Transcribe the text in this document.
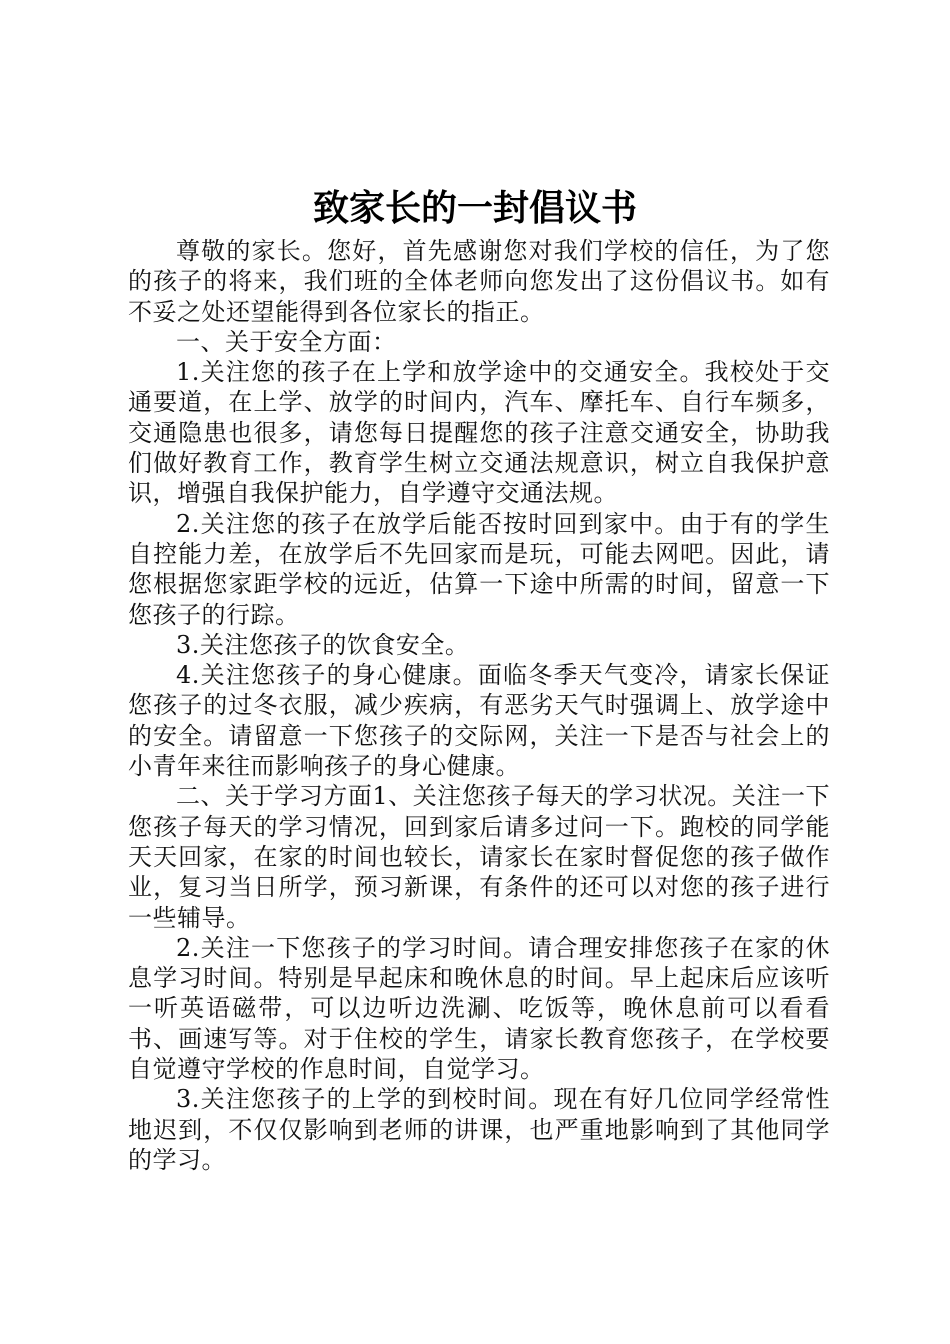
致家长的一封倡议书

尊敬的家长。您好，首先感谢您对我们学校的信任，为了您的孩子的将来，我们班的全体老师向您发出了这份倡议书。如有不妥之处还望能得到各位家长的指正。

一、关于安全方面：

1.关注您的孩子在上学和放学途中的交通安全。我校处于交通要道，在上学、放学的时间内，汽车、摩托车、自行车频多，交通隐患也很多，请您每日提醒您的孩子注意交通安全，协助我们做好教育工作，教育学生树立交通法规意识，树立自我保护意识，增强自我保护能力，自学遵守交通法规。

2.关注您的孩子在放学后能否按时回到家中。由于有的学生自控能力差，在放学后不先回家而是玩，可能去网吧。因此，请您根据您家距学校的远近，估算一下途中所需的时间，留意一下您孩子的行踪。

3.关注您孩子的饮食安全。

4.关注您孩子的身心健康。面临冬季天气变冷，请家长保证您孩子的过冬衣服，减少疾病，有恶劣天气时强调上、放学途中的安全。请留意一下您孩子的交际网，关注一下是否与社会上的小青年来往而影响孩子的身心健康。

二、关于学习方面1、关注您孩子每天的学习状况。关注一下您孩子每天的学习情况，回到家后请多过问一下。跑校的同学能天天回家，在家的时间也较长，请家长在家时督促您的孩子做作业，复习当日所学，预习新课，有条件的还可以对您的孩子进行一些辅导。

2.关注一下您孩子的学习时间。请合理安排您孩子在家的休息学习时间。特别是早起床和晚休息的时间。早上起床后应该听一听英语磁带，可以边听边洗涮、吃饭等，晚休息前可以看看书、画速写等。对于住校的学生，请家长教育您孩子，在学校要自觉遵守学校的作息时间，自觉学习。

3.关注您孩子的上学的到校时间。现在有好几位同学经常性地迟到，不仅仅影响到老师的讲课，也严重地影响到了其他同学的学习。
